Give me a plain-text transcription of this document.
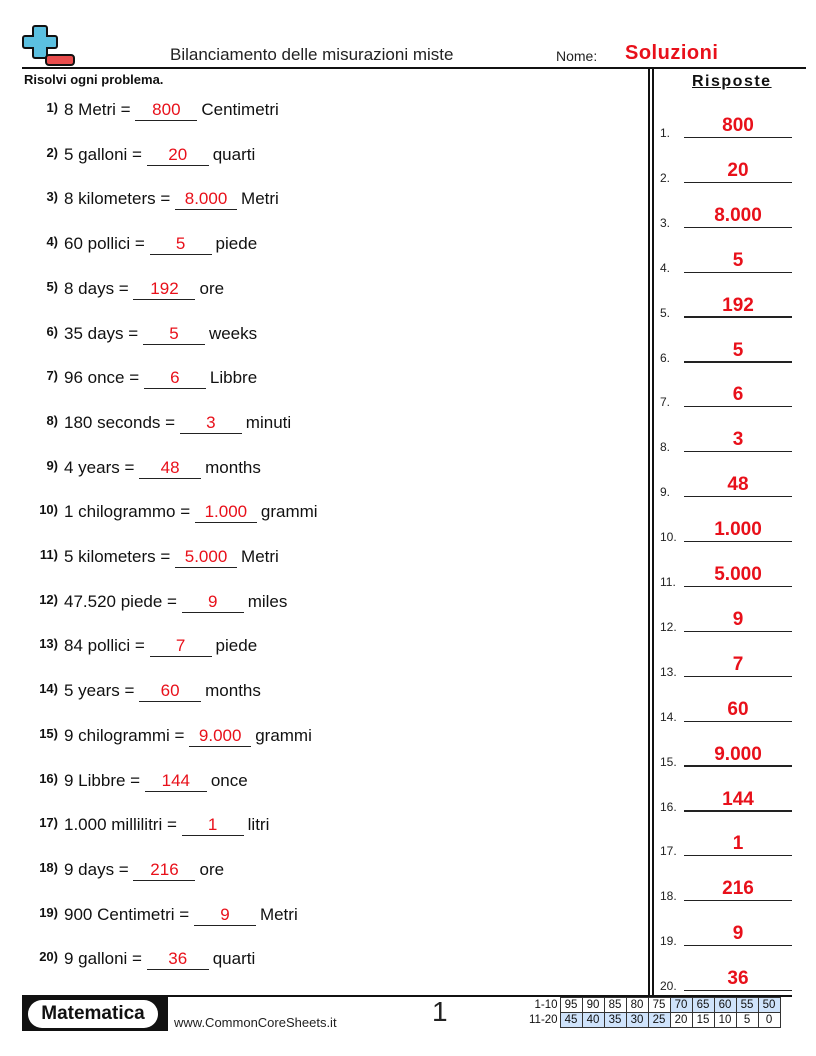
Bilanciamento delle misurazioni miste	Nome: Soluzioni
Risolvi ogni problema.	Risposte
1) 8 Metri = 800 Centimetri
2) 5 galloni = 20 quarti
3) 8 kilometers = 8.000 Metri
4) 60 pollici = 5 piede
5) 8 days = 192 ore
6) 35 days = 5 weeks
7) 96 once = 6 Libbre
8) 180 seconds = 3 minuti
9) 4 years = 48 months
10) 1 chilogrammo = 1.000 grammi
11) 5 kilometers = 5.000 Metri
12) 47.520 piede = 9 miles
13) 84 pollici = 7 piede
14) 5 years = 60 months
15) 9 chilogrammi = 9.000 grammi
16) 9 Libbre = 144 once
17) 1.000 millilitri = 1 litri
18) 9 days = 216 ore
19) 900 Centimetri = 9 Metri
20) 9 galloni = 36 quarti
1.	800
2.	20
3.	8.000
4.	5
5.	192
6.	5
7.	6
8.	3
9.	48
10.	1.000
11.	5.000
12.	9
13.	7
14.	60
15.	9.000
16.	144
17.	1
18.	216
19.	9
20.	36
Matematica	www.CommonCoreSheets.it	1	1-10	95	90	85	80	75	70	65	60	55	50
11-20	45	40	35	30	25	20	15	10	5	0
